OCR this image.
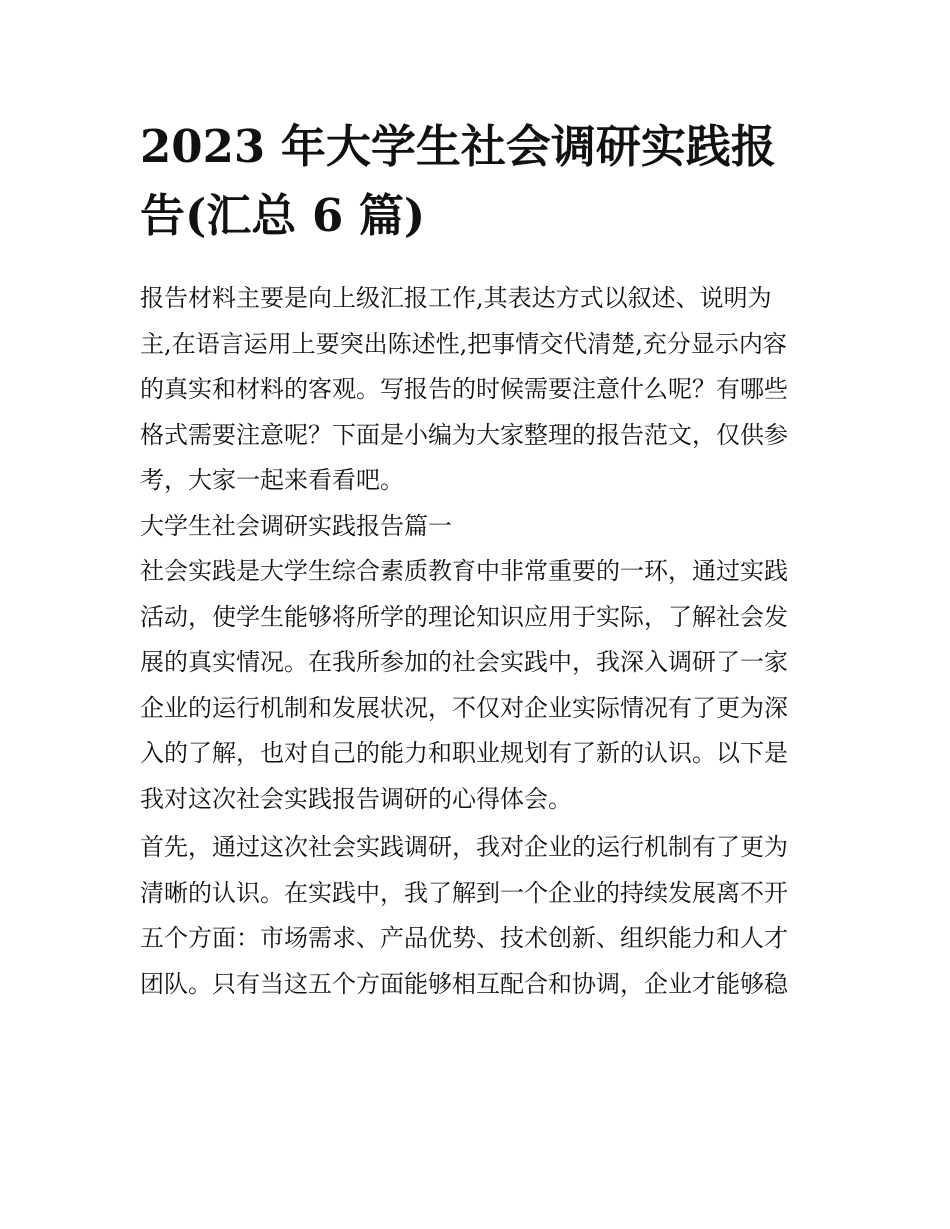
2023 年大学生社会调研实践报
告(汇总 6 篇)
报告材料主要是向上级汇报工作,其表达方式以叙述、说明为
主,在语言运用上要突出陈述性,把事情交代清楚,充分显示内容
的真实和材料的客观。写报告的时候需要注意什么呢？有哪些
格式需要注意呢？下面是小编为大家整理的报告范文，仅供参
考，大家一起来看看吧。
大学生社会调研实践报告篇一
社会实践是大学生综合素质教育中非常重要的一环，通过实践
活动，使学生能够将所学的理论知识应用于实际，了解社会发
展的真实情况。在我所参加的社会实践中，我深入调研了一家
企业的运行机制和发展状况，不仅对企业实际情况有了更为深
入的了解，也对自己的能力和职业规划有了新的认识。以下是
我对这次社会实践报告调研的心得体会。
首先，通过这次社会实践调研，我对企业的运行机制有了更为
清晰的认识。在实践中，我了解到一个企业的持续发展离不开
五个方面：市场需求、产品优势、技术创新、组织能力和人才
团队。只有当这五个方面能够相互配合和协调，企业才能够稳
